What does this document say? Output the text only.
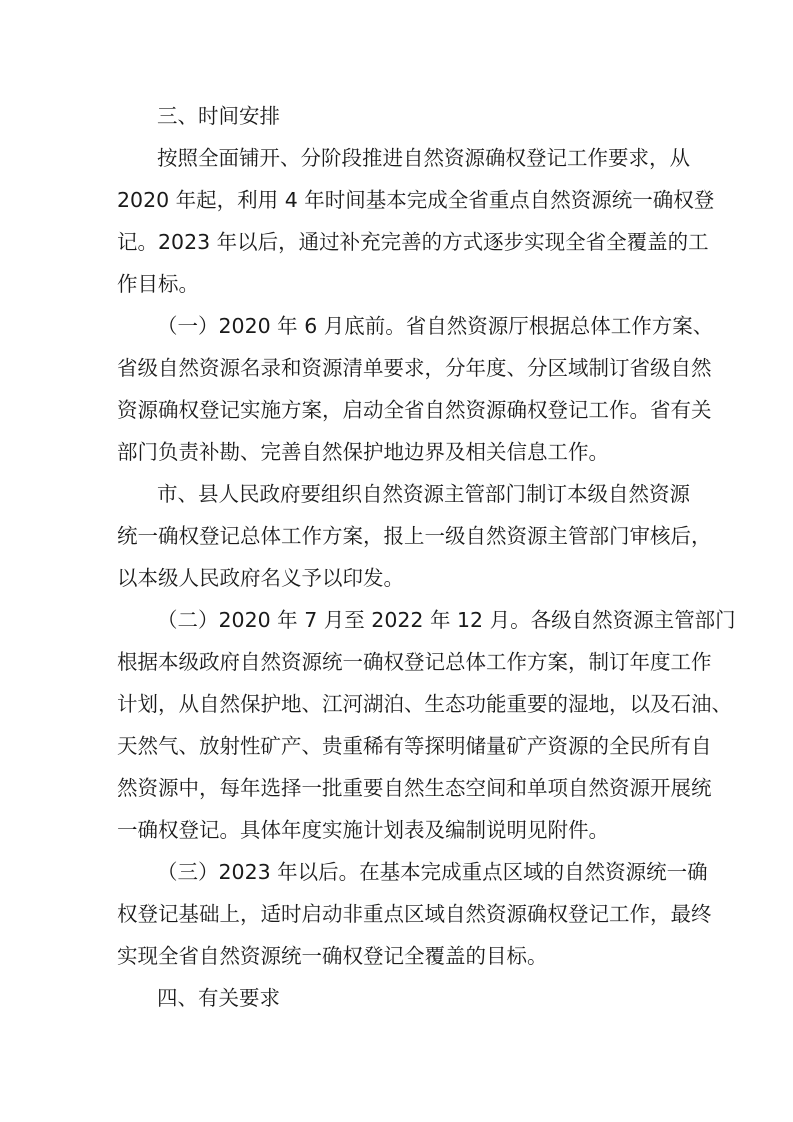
三、时间安排
按照全面铺开、分阶段推进自然资源确权登记工作要求，从
2020 年起，利用 4 年时间基本完成全省重点自然资源统一确权登
记。2023 年以后，通过补充完善的方式逐步实现全省全覆盖的工
作目标。
（一）2020 年 6 月底前。省自然资源厅根据总体工作方案、
省级自然资源名录和资源清单要求，分年度、分区域制订省级自然
资源确权登记实施方案，启动全省自然资源确权登记工作。省有关
部门负责补勘、完善自然保护地边界及相关信息工作。
市、县人民政府要组织自然资源主管部门制订本级自然资源
统一确权登记总体工作方案，报上一级自然资源主管部门审核后，
以本级人民政府名义予以印发。
（二）2020 年 7 月至 2022 年 12 月。各级自然资源主管部门
根据本级政府自然资源统一确权登记总体工作方案，制订年度工作
计划，从自然保护地、江河湖泊、生态功能重要的湿地，以及石油、
天然气、放射性矿产、贵重稀有等探明储量矿产资源的全民所有自
然资源中，每年选择一批重要自然生态空间和单项自然资源开展统
一确权登记。具体年度实施计划表及编制说明见附件。
（三）2023 年以后。在基本完成重点区域的自然资源统一确
权登记基础上，适时启动非重点区域自然资源确权登记工作，最终
实现全省自然资源统一确权登记全覆盖的目标。
四、有关要求
